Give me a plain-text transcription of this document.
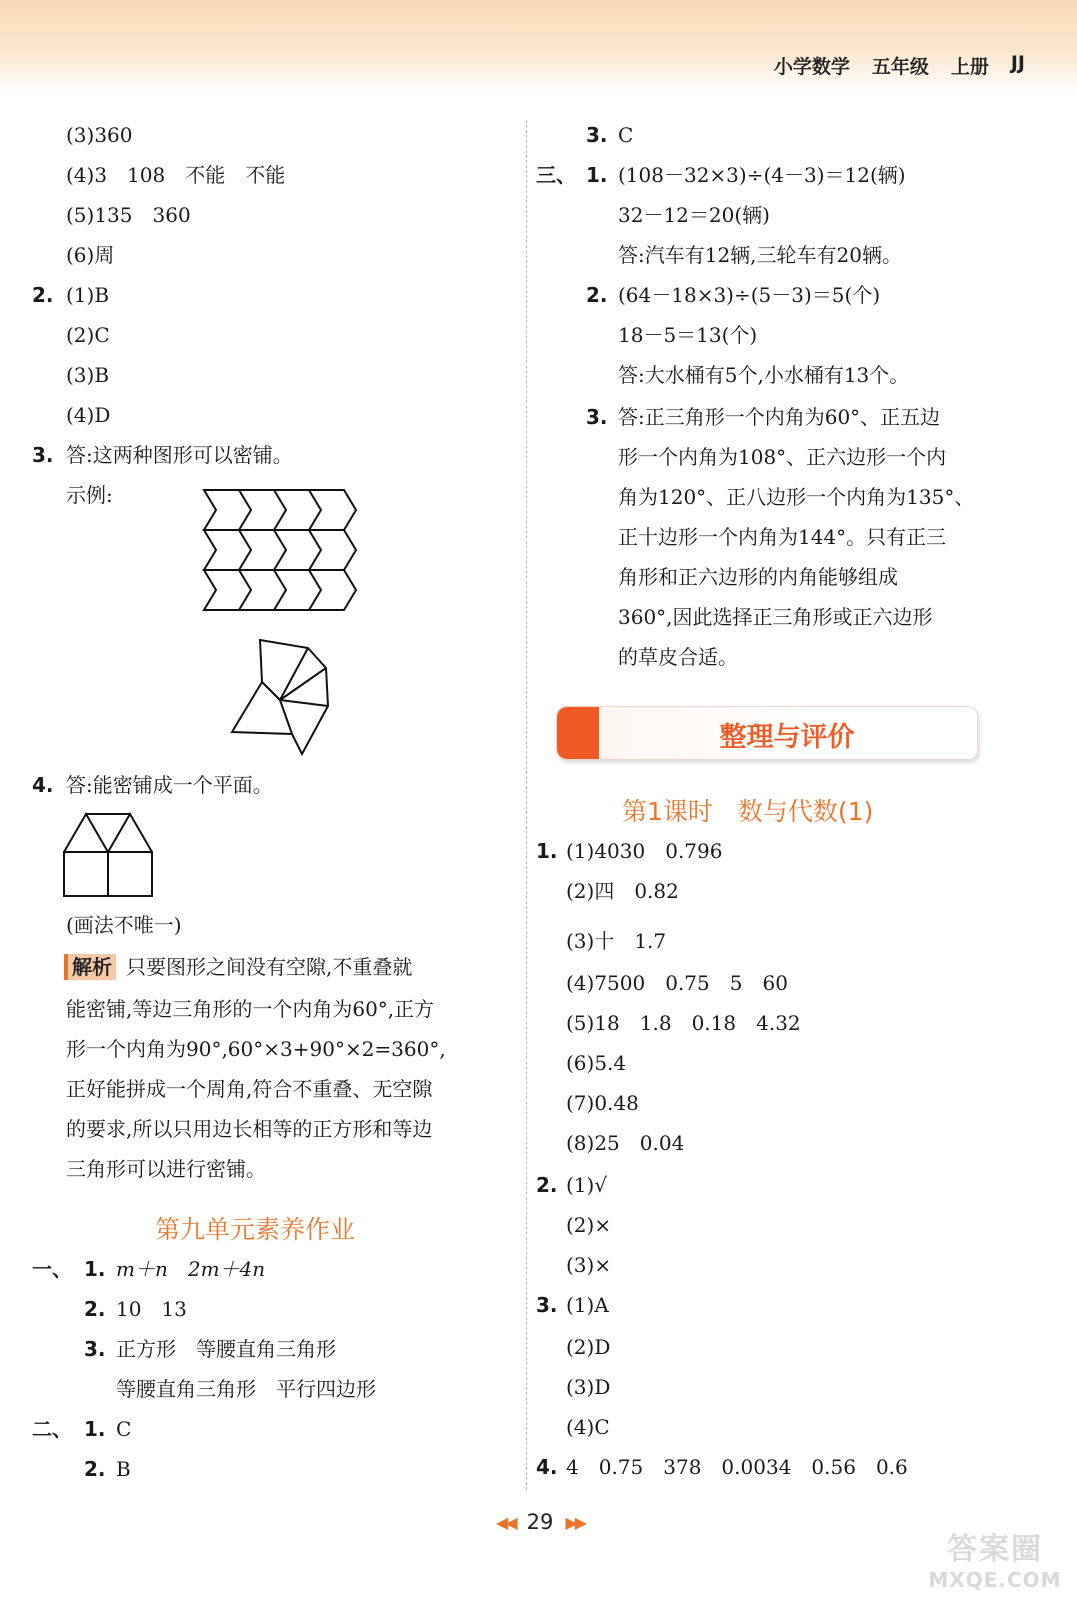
小学数学 五年级 上册 JJ
(3)360
(4)3　108　不能　不能
(5)135　360
(6)周
2. (1)B
(2)C
(3)B
(4)D
3. 答:这两种图形可以密铺。
示例:
4. 答:能密铺成一个平面。
(画法不唯一)
解析 只要图形之间没有空隙,不重叠就
能密铺,等边三角形的一个内角为60°,正方
形一个内角为90°,60°×3+90°×2=360°,
正好能拼成一个周角,符合不重叠、无空隙
的要求,所以只用边长相等的正方形和等边
三角形可以进行密铺。
第九单元素养作业
一、 1. m＋n　2m＋4n
2. 10　13
3. 正方形　等腰直角三角形
等腰直角三角形　平行四边形
二、 1. C
2. B
3. C
三、 1. (108－32×3)÷(4－3)＝12(辆)
32－12＝20(辆)
答:汽车有12辆,三轮车有20辆。
2. (64－18×3)÷(5－3)＝5(个)
18－5＝13(个)
答:大水桶有5个,小水桶有13个。
3. 答:正三角形一个内角为60°、正五边
形一个内角为108°、正六边形一个内
角为120°、正八边形一个内角为135°、
正十边形一个内角为144°。只有正三
角形和正六边形的内角能够组成
360°,因此选择正三角形或正六边形
的草皮合适。
整理与评价
第1课时　数与代数(1)
1. (1)4030　0.796
(2)四　0.82
(3)十　1.7
(4)7500　0.75　5　60
(5)18　1.8　0.18　4.32
(6)5.4
(7)0.48
(8)25　0.04
2. (1)√
(2)×
(3)×
3. (1)A
(2)D
(3)D
(4)C
4. 4　0.75　378　0.0034　0.56　0.6
◀◀ 29 ▶▶
答案圈
MXQE.COM
